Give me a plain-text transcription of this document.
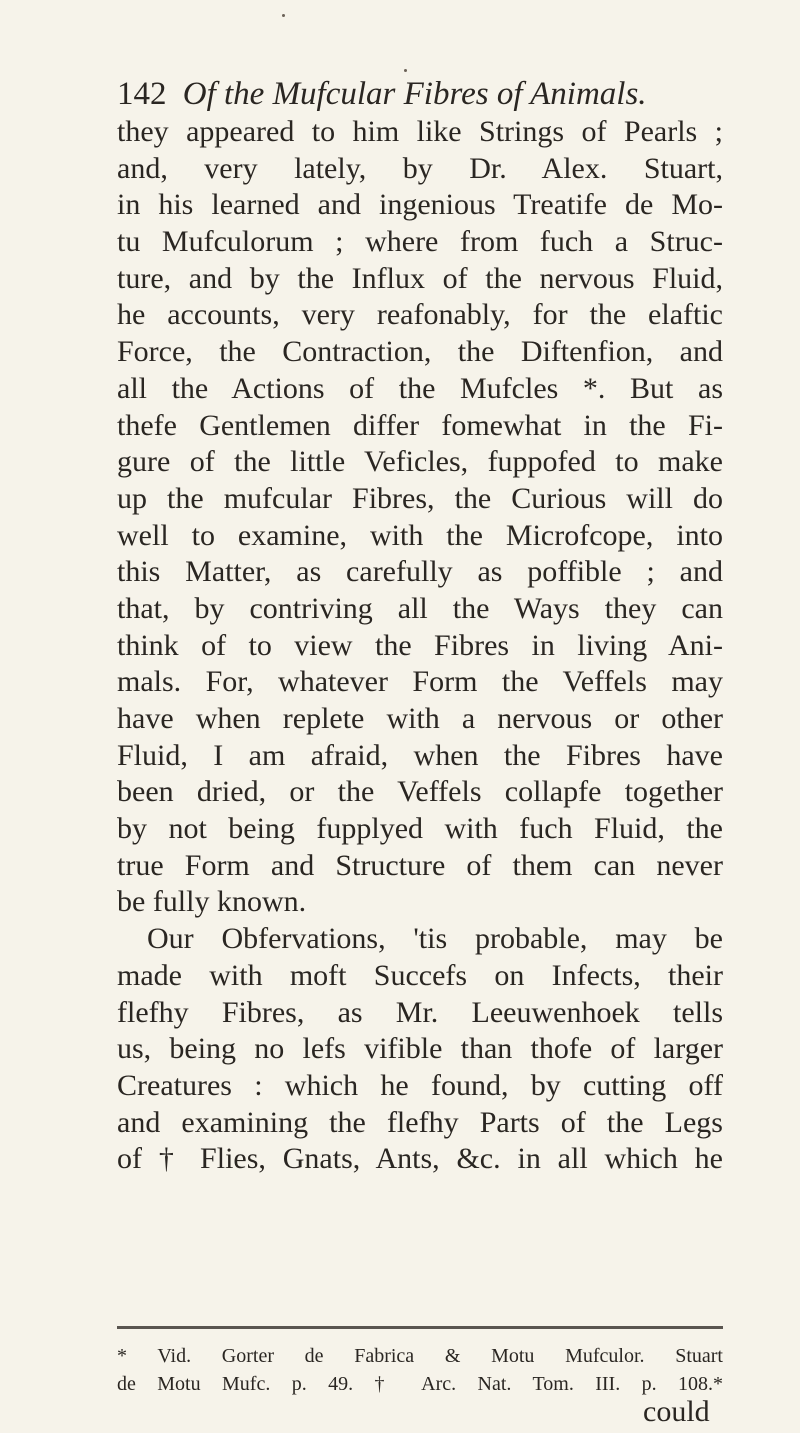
142 Of the Mufcular Fibres of Animals.
they appeared to him like Strings of Pearls ;
and, very lately, by Dr. Alex. Stuart,
in his learned and ingenious Treatife de Mo-
tu Mufculorum ; where from fuch a Struc-
ture, and by the Influx of the nervous Fluid,
he accounts, very reafonably, for the elaftic
Force, the Contraction, the Diftenfion, and
all the Actions of the Mufcles *. But as
thefe Gentlemen differ fomewhat in the Fi-
gure of the little Veficles, fuppofed to make
up the mufcular Fibres, the Curious will do
well to examine, with the Microfcope, into
this Matter, as carefully as poffible ; and
that, by contriving all the Ways they can
think of to view the Fibres in living Ani-
mals. For, whatever Form the Veffels may
have when replete with a nervous or other
Fluid, I am afraid, when the Fibres have
been dried, or the Veffels collapfe together
by not being fupplyed with fuch Fluid, the
true Form and Structure of them can never
be fully known.
Our Obfervations, 'tis probable, may be
made with moft Succefs on Infects, their
flefhy Fibres, as Mr. Leeuwenhoek tells
us, being no lefs vifible than thofe of larger
Creatures : which he found, by cutting off
and examining the flefhy Parts of the Legs
of † Flies, Gnats, Ants, &c. in all which he
* Vid. Gorter de Fabrica & Motu Mufculor. Stuart
de Motu Mufc. p. 49. † Arc. Nat. Tom. III. p. 108.*
could
